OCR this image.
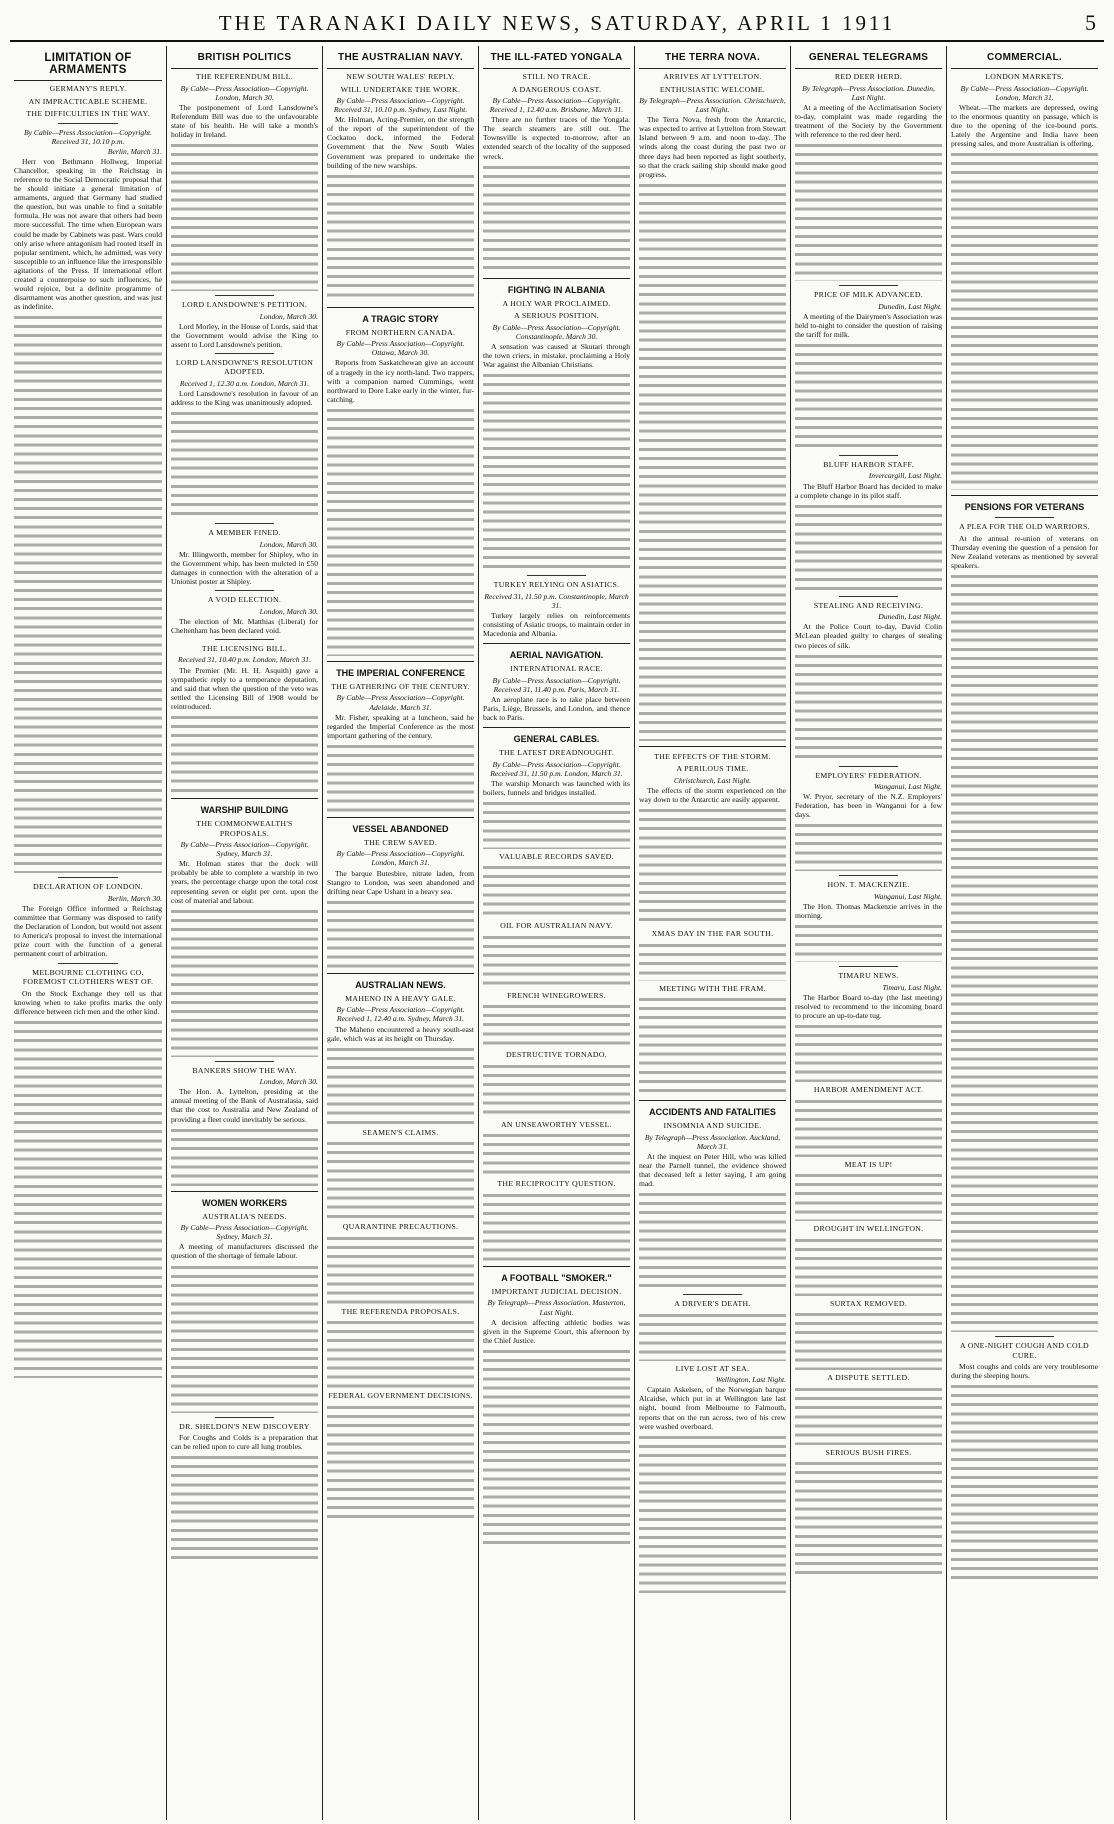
THE TARANAKI DAILY NEWS, SATURDAY, APRIL 1 1911	5
LIMITATION OF ARMAMENTS
GERMANY'S REPLY.
AN IMPRACTICABLE SCHEME.
THE DIFFICULTIES IN THE WAY.
By Cable—Press Association—Copyright. Received 31, 10.10 p.m.
Berlin, March 31.

Herr von Bethmann Hollweg, Imperial Chancellor, speaking in the Reichstag in reference to the Social Democratic proposal that he should initiate a general limitation of armaments, argued that Germany had studied the question, but was unable to find a suitable formula. He was not aware that others had been more successful. The time when European wars could be made by Cabinets was past. Wars could only arise where antagonism had rooted itself in popular sentiment, which, he admitted, was very susceptible to an influence like the irresponsible agitations of the Press. If international effort created a counterpoise to such influences, he would rejoice, but a definite programme of disarmament was another question, and was just as indefinite.

DECLARATION OF LONDON.
Berlin, March 30.

The Foreign Office informed a Reichstag committee that Germany was disposed to ratify the Declaration of London, but would not assent to America's proposal to invest the international prize court with the function of a general permanent court of arbitration.

MELBOURNE CLOTHING CO. FOREMOST CLOTHIERS WEST OF.

On the Stock Exchange they tell us that knowing when to take profits marks the only difference between rich men and the other kind.

BRITISH POLITICS
THE REFERENDUM BILL.
By Cable—Press Association—Copyright. London, March 30.

The postponement of Lord Lansdowne's Referendum Bill was due to the unfavourable state of his health. He will take a month's holiday in Ireland.

LORD LANSDOWNE'S PETITION.
London, March 30.

Lord Morley, in the House of Lords, said that the Government would advise the King to assent to Lord Lansdowne's petition.

LORD LANSDOWNE'S RESOLUTION ADOPTED.
Received 1, 12.30 a.m. London, March 31.

Lord Lansdowne's resolution in favour of an address to the King was unanimously adopted.

A MEMBER FINED.
London, March 30.

Mr. Illingworth, member for Shipley, who in the Government whip, has been mulcted in £50 damages in connection with the alteration of a Unionist poster at Shipley.

A VOID ELECTION.
London, March 30.

The election of Mr. Matthias (Liberal) for Cheltenham has been declared void.

THE LICENSING BILL.
Received 31, 10.40 p.m. London, March 31.

The Premier (Mr. H. H. Asquith) gave a sympathetic reply to a temperance deputation, and said that when the question of the veto was settled the Licensing Bill of 1908 would be reintroduced.

WARSHIP BUILDING
THE COMMONWEALTH'S PROPOSALS.
By Cable—Press Association—Copyright. Sydney, March 31.

Mr. Holman states that the dock will probably be able to complete a warship in two years, the percentage charge upon the total cost representing seven or eight per cent. upon the cost of material and labour.

BANKERS SHOW THE WAY.
London, March 30.

The Hon. A. Lyttelton, presiding at the annual meeting of the Bank of Australasia, said that the cost to Australia and New Zealand of providing a fleet could inevitably be serious.

WOMEN WORKERS
AUSTRALIA'S NEEDS.
By Cable—Press Association—Copyright. Sydney, March 31.

A meeting of manufacturers discussed the question of the shortage of female labour.

DR. SHELDON'S NEW DISCOVERY

For Coughs and Colds is a preparation that can be relied upon to cure all lung troubles.

THE AUSTRALIAN NAVY.
NEW SOUTH WALES' REPLY.
WILL UNDERTAKE THE WORK.
By Cable—Press Association—Copyright. Received 31, 10.10 p.m. Sydney, Last Night.

Mr. Holman, Acting-Premier, on the strength of the report of the superintendent of the Cockatoo dock, informed the Federal Government that the New South Wales Government was prepared to undertake the building of the new warships.

A TRAGIC STORY
FROM NORTHERN CANADA.
By Cable—Press Association—Copyright. Ottawa, March 30.

Reports from Saskatchewan give an account of a tragedy in the icy north-land. Two trappers, with a companion named Cummings, went northward to Dore Lake early in the winter, fur-catching.

THE IMPERIAL CONFERENCE
THE GATHERING OF THE CENTURY.
By Cable—Press Association—Copyright. Adelaide, March 31.

Mr. Fisher, speaking at a luncheon, said he regarded the Imperial Conference as the most important gathering of the century.

VESSEL ABANDONED
THE CREW SAVED.
By Cable—Press Association—Copyright. London, March 31.

The barque Butesbire, nitrate laden, from Stangro to London, was seen abandoned and drifting near Cape Ushant in a heavy sea.

AUSTRALIAN NEWS.
MAHENO IN A HEAVY GALE.
By Cable—Press Association—Copyright. Received 1, 12.40 a.m. Sydney, March 31.

The Maheno encountered a heavy south-east gale, which was at its height on Thursday.

SEAMEN'S CLAIMS.
QUARANTINE PRECAUTIONS.
THE REFERENDA PROPOSALS.
FEDERAL GOVERNMENT DECISIONS.
THE ILL-FATED YONGALA
STILL NO TRACE.
A DANGEROUS COAST.
By Cable—Press Association—Copyright. Received 1, 12.40 a.m. Brisbane, March 31.

There are no further traces of the Yongala. The search steamers are still out. The Townsville is expected to-morrow, after an extended search of the locality of the supposed wreck.

FIGHTING IN ALBANIA
A HOLY WAR PROCLAIMED.
A SERIOUS POSITION.
By Cable—Press Association—Copyright. Constantinople, March 30.

A sensation was caused at Skutari through the town criers, in mistake, proclaiming a Holy War against the Albanian Christians.

TURKEY RELYING ON ASIATICS.
Received 31, 11.50 p.m. Constantinople, March 31.

Turkey largely relies on reinforcements consisting of Asiatic troops, to maintain order in Macedonia and Albania.

AERIAL NAVIGATION.
INTERNATIONAL RACE.
By Cable—Press Association—Copyright. Received 31, 11.40 p.m. Paris, March 31.

An aeroplane race is to take place between Paris, Liège, Brussels, and London, and thence back to Paris.

GENERAL CABLES.
THE LATEST DREADNOUGHT.
By Cable—Press Association—Copyright. Received 31, 11.50 p.m. London, March 31.

The warship Monarch was launched with its boilers, funnels and bridges installed.

VALUABLE RECORDS SAVED.
OIL FOR AUSTRALIAN NAVY.
FRENCH WINEGROWERS.
DESTRUCTIVE TORNADO.
AN UNSEAWORTHY VESSEL.
THE RECIPROCITY QUESTION.
A FOOTBALL "SMOKER."
IMPORTANT JUDICIAL DECISION.
By Telegraph—Press Association. Masterton, Last Night.

A decision affecting athletic bodies was given in the Supreme Court, this afternoon by the Chief Justice.

THE TERRA NOVA.
ARRIVES AT LYTTELTON.
ENTHUSIASTIC WELCOME.
By Telegraph—Press Association. Christchurch, Last Night.

The Terra Nova, fresh from the Antarctic, was expected to arrive at Lyttelton from Stewart Island between 9 a.m. and noon to-day. The winds along the coast during the past two or three days had been reported as light southerly, so that the crack sailing ship should make good progress.

THE EFFECTS OF THE STORM.
A PERILOUS TIME.
Christchurch, Last Night.

The effects of the storm experienced on the way down to the Antarctic are easily apparent.

XMAS DAY IN THE FAR SOUTH.
MEETING WITH THE FRAM.
ACCIDENTS AND FATALITIES
INSOMNIA AND SUICIDE.
By Telegraph—Press Association. Auckland, March 31.

At the inquest on Peter Hill, who was killed near the Parnell tunnel, the evidence showed that deceased left a letter saying, I am going mad.

A DRIVER'S DEATH.
LIVE LOST AT SEA.
Wellington, Last Night.

Captain Askelsen, of the Norwegian barque Alcaidse, which put in at Wellington late last night, bound from Melbourne to Falmouth, reports that on the run across, two of his crew were washed overboard.

GENERAL TELEGRAMS
RED DEER HERD.
By Telegraph—Press Association. Dunedin, Last Night.

At a meeting of the Acclimatisation Society to-day, complaint was made regarding the treatment of the Society by the Government with reference to the red deer herd.

PRICE OF MILK ADVANCED.
Dunedin, Last Night.

A meeting of the Dairymen's Association was held to-night to consider the question of raising the tariff for milk.

BLUFF HARBOR STAFF.
Invercargill, Last Night.

The Bluff Harbor Board has decided to make a complete change in its pilot staff.

STEALING AND RECEIVING.
Dunedin, Last Night.

At the Police Court to-day, David Colin McLean pleaded guilty to charges of stealing two pieces of silk.

EMPLOYERS' FEDERATION.
Wanganui, Last Night.

W. Pryor, secretary of the N.Z. Employers' Federation, has been in Wanganui for a few days.

HON. T. MACKENZIE.
Wanganui, Last Night.

The Hon. Thomas Mackenzie arrives in the morning.

TIMARU NEWS.
Timaru, Last Night.

The Harbor Board to-day (the last meeting) resolved to recommend to the incoming board to procure an up-to-date tug.

HARBOR AMENDMENT ACT.
MEAT IS UP!
DROUGHT IN WELLINGTON.
SURTAX REMOVED.
A DISPUTE SETTLED.
SERIOUS BUSH FIRES.
COMMERCIAL.
LONDON MARKETS.
By Cable—Press Association—Copyright. London, March 31.

Wheat.—The markets are depressed, owing to the enormous quantity on passage, which is due to the opening of the ice-bound ports. Lately the Argentine and India have been pressing sales, and more Australian is offering.

PENSIONS FOR VETERANS
A PLEA FOR THE OLD WARRIORS.

At the annual re-union of veterans on Thursday evening the question of a pension for New Zealand veterans as mentioned by several speakers.

A ONE-NIGHT COUGH AND COLD CURE.

Most coughs and colds are very troublesome during the sleeping hours.
